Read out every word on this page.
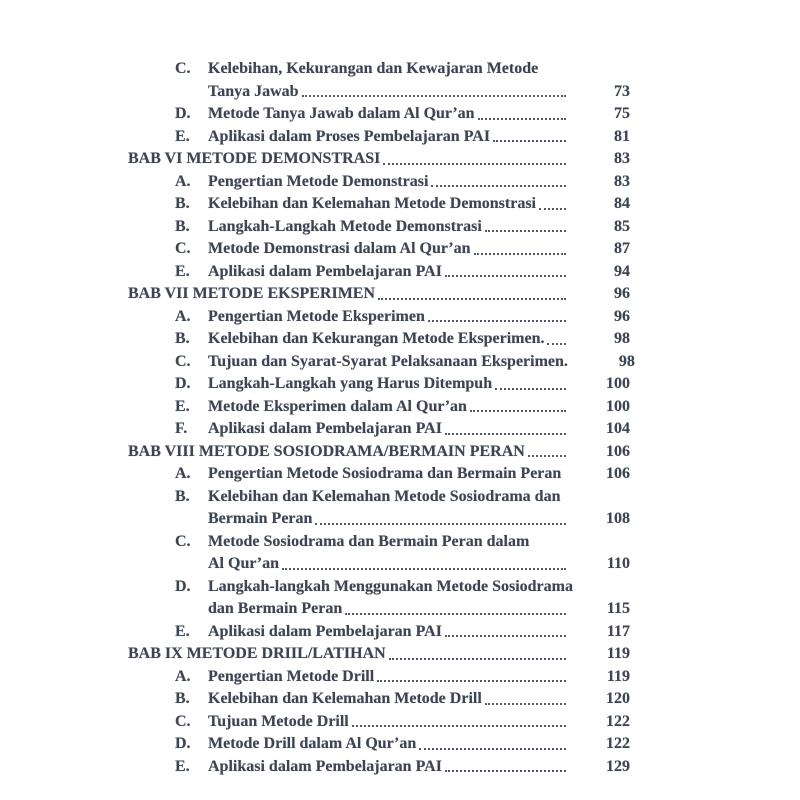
C.	Kelebihan, Kekurangan dan Kewajaran Metode
Tanya Jawab	73
D.	Metode Tanya Jawab dalam Al Qur’an	75
E.	Aplikasi dalam Proses Pembelajaran PAI	81
BAB VI METODE DEMONSTRASI	83
A.	Pengertian Metode Demonstrasi	83
B.	Kelebihan dan Kelemahan Metode Demonstrasi	84
B.	Langkah-Langkah Metode Demonstrasi	85
C.	Metode Demonstrasi dalam Al Qur’an	87
E.	Aplikasi dalam Pembelajaran PAI	94
BAB VII METODE EKSPERIMEN	96
A.	Pengertian Metode Eksperimen	96
B.	Kelebihan dan Kekurangan Metode Eksperimen.	98
C.	Tujuan dan Syarat-Syarat Pelaksanaan Eksperimen.	98
D.	Langkah-Langkah yang Harus Ditempuh	100
E.	Metode Eksperimen dalam Al Qur’an	100
F.	Aplikasi dalam Pembelajaran PAI	104
BAB VIII METODE SOSIODRAMA/BERMAIN PERAN	106
A.	Pengertian Metode Sosiodrama dan Bermain Peran	106
B.	Kelebihan dan Kelemahan Metode Sosiodrama dan
Bermain Peran	108
C.	Metode Sosiodrama dan Bermain Peran dalam
Al Qur’an	110
D.	Langkah-langkah Menggunakan Metode Sosiodrama
dan Bermain Peran	115
E.	Aplikasi dalam Pembelajaran PAI	117
BAB IX METODE DRIIL/LATIHAN	119
A.	Pengertian Metode Drill	119
B.	Kelebihan dan Kelemahan Metode Drill	120
C.	Tujuan Metode Drill	122
D.	Metode Drill dalam Al Qur’an	122
E.	Aplikasi dalam Pembelajaran PAI	129
